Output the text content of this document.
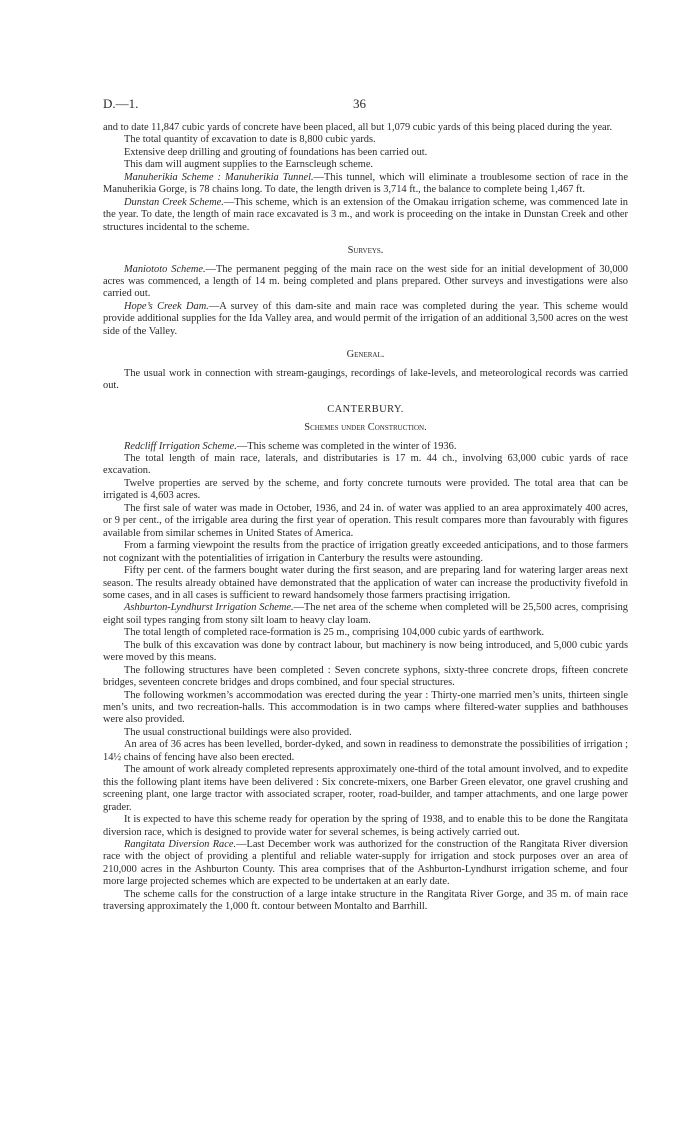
D.—1.	36

and to date 11,847 cubic yards of concrete have been placed, all but 1,079 cubic yards of this being placed during the year.

The total quantity of excavation to date is 8,800 cubic yards.

Extensive deep drilling and grouting of foundations has been carried out.

This dam will augment supplies to the Earnscleugh scheme.

Manuherikia Scheme : Manuherikia Tunnel.—This tunnel, which will eliminate a troublesome section of race in the Manuherikia Gorge, is 78 chains long. To date, the length driven is 3,714 ft., the balance to complete being 1,467 ft.

Dunstan Creek Scheme.—This scheme, which is an extension of the Omakau irrigation scheme, was commenced late in the year. To date, the length of main race excavated is 3 m., and work is proceeding on the intake in Dunstan Creek and other structures incidental to the scheme.

Surveys.

Maniototo Scheme.—The permanent pegging of the main race on the west side for an initial development of 30,000 acres was commenced, a length of 14 m. being completed and plans prepared. Other surveys and investigations were also carried out.

Hope’s Creek Dam.—A survey of this dam-site and main race was completed during the year. This scheme would provide additional supplies for the Ida Valley area, and would permit of the irrigation of an additional 3,500 acres on the west side of the Valley.

General.

The usual work in connection with stream-gaugings, recordings of lake-levels, and meteorological records was carried out.

CANTERBURY.
Schemes under Construction.

Redcliff Irrigation Scheme.—This scheme was completed in the winter of 1936.

The total length of main race, laterals, and distributaries is 17 m. 44 ch., involving 63,000 cubic yards of race excavation.

Twelve properties are served by the scheme, and forty concrete turnouts were provided. The total area that can be irrigated is 4,603 acres.

The first sale of water was made in October, 1936, and 24 in. of water was applied to an area approximately 400 acres, or 9 per cent., of the irrigable area during the first year of operation. This result compares more than favourably with figures available from similar schemes in United States of America.

From a farming viewpoint the results from the practice of irrigation greatly exceeded anticipations, and to those farmers not cognizant with the potentialities of irrigation in Canterbury the results were astounding.

Fifty per cent. of the farmers bought water during the first season, and are preparing land for watering larger areas next season. The results already obtained have demonstrated that the application of water can increase the productivity fivefold in some cases, and in all cases is sufficient to reward handsomely those farmers practising irrigation.

Ashburton-Lyndhurst Irrigation Scheme.—The net area of the scheme when completed will be 25,500 acres, comprising eight soil types ranging from stony silt loam to heavy clay loam.

The total length of completed race-formation is 25 m., comprising 104,000 cubic yards of earthwork.

The bulk of this excavation was done by contract labour, but machinery is now being introduced, and 5,000 cubic yards were moved by this means.

The following structures have been completed : Seven concrete syphons, sixty-three concrete drops, fifteen concrete bridges, seventeen concrete bridges and drops combined, and four special structures.

The following workmen’s accommodation was erected during the year : Thirty-one married men’s units, thirteen single men’s units, and two recreation-halls. This accommodation is in two camps where filtered-water supplies and bathhouses were also provided.

The usual constructional buildings were also provided.

An area of 36 acres has been levelled, border-dyked, and sown in readiness to demonstrate the possibilities of irrigation ; 14½ chains of fencing have also been erected.

The amount of work already completed represents approximately one-third of the total amount involved, and to expedite this the following plant items have been delivered : Six concrete-mixers, one Barber Green elevator, one gravel crushing and screening plant, one large tractor with associated scraper, rooter, road-builder, and tamper attachments, and one large power grader.

It is expected to have this scheme ready for operation by the spring of 1938, and to enable this to be done the Rangitata diversion race, which is designed to provide water for several schemes, is being actively carried out.

Rangitata Diversion Race.—Last December work was authorized for the construction of the Rangitata River diversion race with the object of providing a plentiful and reliable water-supply for irrigation and stock purposes over an area of 210,000 acres in the Ashburton County. This area comprises that of the Ashburton-Lyndhurst irrigation scheme, and four more large projected schemes which are expected to be undertaken at an early date.

The scheme calls for the construction of a large intake structure in the Rangitata River Gorge, and 35 m. of main race traversing approximately the 1,000 ft. contour between Montalto and Barrhill.
